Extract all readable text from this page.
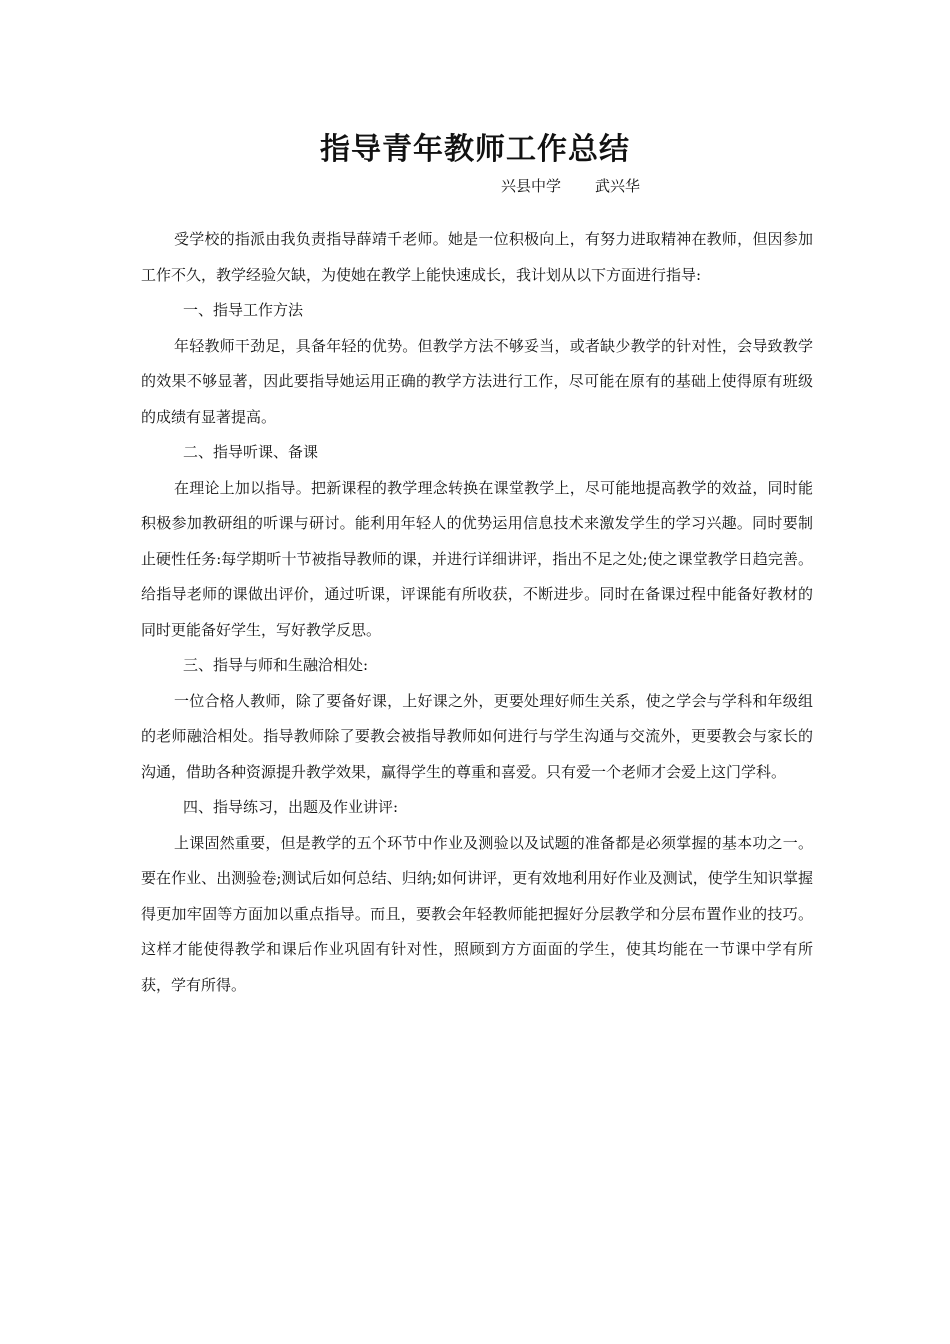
指导青年教师工作总结
兴县中学 武兴华

受学校的指派由我负责指导薛靖千老师。她是一位积极向上，有努力进取精神在教师，但因参加工作不久，教学经验欠缺，为使她在教学上能快速成长，我计划从以下方面进行指导:

一、指导工作方法

年轻教师干劲足，具备年轻的优势。但教学方法不够妥当，或者缺少教学的针对性，会导致教学的效果不够显著，因此要指导她运用正确的教学方法进行工作，尽可能在原有的基础上使得原有班级的成绩有显著提高。

二、指导听课、备课

在理论上加以指导。把新课程的教学理念转换在课堂教学上，尽可能地提高教学的效益，同时能积极参加教研组的听课与研讨。能利用年轻人的优势运用信息技术来激发学生的学习兴趣。同时要制止硬性任务:每学期听十节被指导教师的课，并进行详细讲评，指出不足之处;使之课堂教学日趋完善。给指导老师的课做出评价，通过听课，评课能有所收获，不断进步。同时在备课过程中能备好教材的同时更能备好学生，写好教学反思。

三、指导与师和生融洽相处:

一位合格人教师，除了要备好课，上好课之外，更要处理好师生关系，使之学会与学科和年级组的老师融洽相处。指导教师除了要教会被指导教师如何进行与学生沟通与交流外，更要教会与家长的沟通，借助各种资源提升教学效果，赢得学生的尊重和喜爱。只有爱一个老师才会爱上这门学科。

四、指导练习，出题及作业讲评:

上课固然重要，但是教学的五个环节中作业及测验以及试题的准备都是必须掌握的基本功之一。要在作业、出测验卷;测试后如何总结、归纳;如何讲评，更有效地利用好作业及测试，使学生知识掌握得更加牢固等方面加以重点指导。而且，要教会年轻教师能把握好分层教学和分层布置作业的技巧。这样才能使得教学和课后作业巩固有针对性，照顾到方方面面的学生，使其均能在一节课中学有所获，学有所得。
